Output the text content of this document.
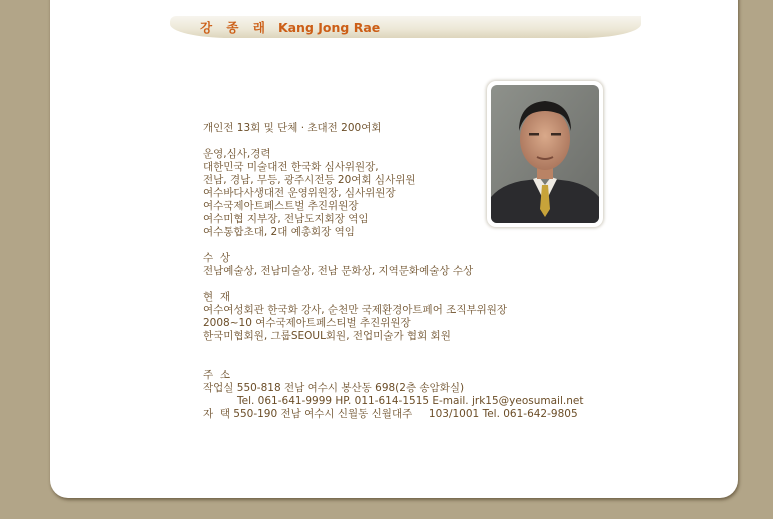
강 종 래 Kang Jong Rae
개인전 13회 및 단체 · 초대전 200여회
운영,심사,경력
대한민국 미술대전 한국화 심사위원장,
전남, 경남, 무등, 광주시전등 20여회 심사위원
여수바다사생대전 운영위원장, 심사위원장
여수국제아트페스트벌 추진위원장
여수미협 지부장, 전남도지회장 역임
여수통합초대, 2대 예총회장 역임
수  상
전남예술상, 전남미술상, 전남 문화상, 지역문화예술상 수상
현  재
여수여성회관 한국화 강사, 순천만 국제환경아트페어 조직부위원장
2008~10 여수국제아트페스티벌 추진위원장
한국미협회원, 그룹SEOUL회원, 전업미술가 협회 회원
주  소
작업실 550-818 전남 여수시 봉산동 698(2층 송암화실)
Tel. 061-641-9999 HP. 011-614-1515 E-mail. jrk15@yeosumail.net
자  택 550-190 전남 여수시 신월동 신월대주     103/1001 Tel. 061-642-9805
